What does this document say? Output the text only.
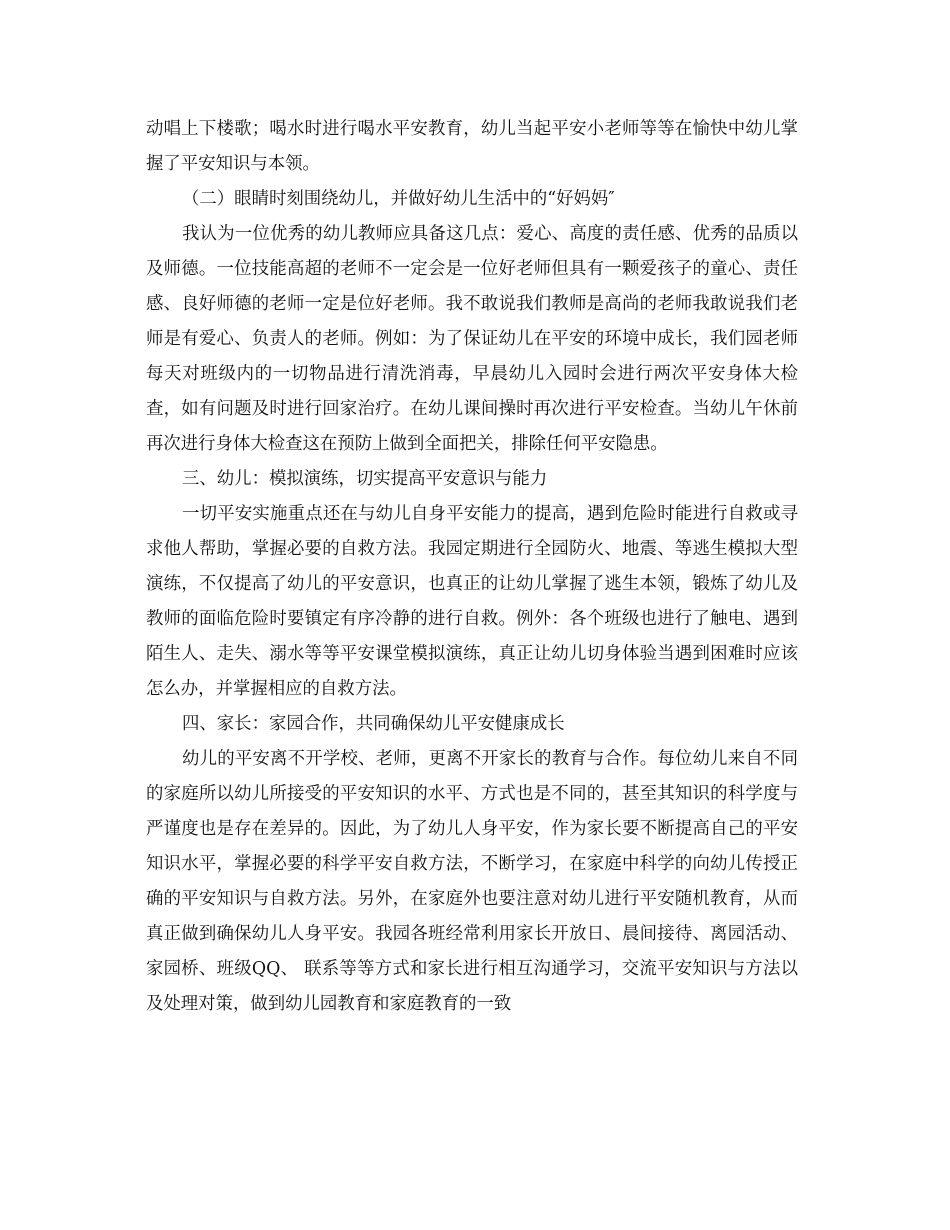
动唱上下楼歌；喝水时进行喝水平安教育，幼儿当起平安小老师等等在愉快中幼儿掌握了平安知识与本领。

（二）眼睛时刻围绕幼儿，并做好幼儿生活中的“好妈妈″

我认为一位优秀的幼儿教师应具备这几点：爱心、高度的责任感、优秀的品质以及师德。一位技能高超的老师不一定会是一位好老师但具有一颗爱孩子的童心、责任感、良好师德的老师一定是位好老师。我不敢说我们教师是高尚的老师我敢说我们老师是有爱心、负责人的老师。例如：为了保证幼儿在平安的环境中成长，我们园老师每天对班级内的一切物品进行清洗消毒，早晨幼儿入园时会进行两次平安身体大检查，如有问题及时进行回家治疗。在幼儿课间操时再次进行平安检查。当幼儿午休前再次进行身体大检查这在预防上做到全面把关，排除任何平安隐患。

三、幼儿：模拟演练，切实提高平安意识与能力

一切平安实施重点还在与幼儿自身平安能力的提高，遇到危险时能进行自救或寻求他人帮助，掌握必要的自救方法。我园定期进行全园防火、地震、等逃生模拟大型演练，不仅提高了幼儿的平安意识，也真正的让幼儿掌握了逃生本领，锻炼了幼儿及教师的面临危险时要镇定有序冷静的进行自救。例外：各个班级也进行了触电、遇到陌生人、走失、溺水等等平安课堂模拟演练，真正让幼儿切身体验当遇到困难时应该怎么办，并掌握相应的自救方法。

四、家长：家园合作，共同确保幼儿平安健康成长

幼儿的平安离不开学校、老师，更离不开家长的教育与合作。每位幼儿来自不同的家庭所以幼儿所接受的平安知识的水平、方式也是不同的，甚至其知识的科学度与严谨度也是存在差异的。因此，为了幼儿人身平安，作为家长要不断提高自己的平安知识水平，掌握必要的科学平安自救方法，不断学习，在家庭中科学的向幼儿传授正确的平安知识与自救方法。另外，在家庭外也要注意对幼儿进行平安随机教育，从而真正做到确保幼儿人身平安。我园各班经常利用家长开放日、晨间接待、离园活动、家园桥、班级QQ、 联系等等方式和家长进行相互沟通学习，交流平安知识与方法以及处理对策，做到幼儿园教育和家庭教育的一致
